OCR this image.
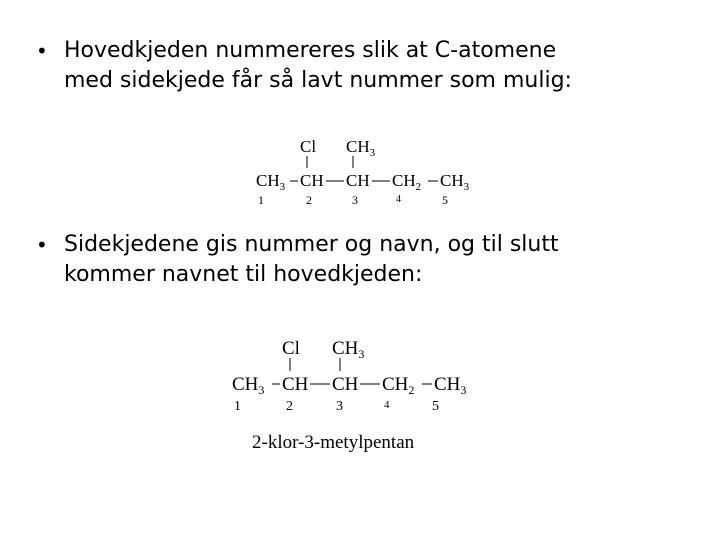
• Hovedkjeden nummereres slik at C-atomene
med sidekjede får så lavt nummer som mulig:
Cl $CH_3$
$CH_3$ CH CH $CH_2$ $CH_3$
1	2	3	4	5
• Sidekjedene gis nummer og navn, og til slutt
kommer navnet til hovedkjeden:
Cl $CH_3$
$CH_3$ CH CH $CH_2$ $CH_3$
1	2	3	4	5
2-klor-3-metylpentan
